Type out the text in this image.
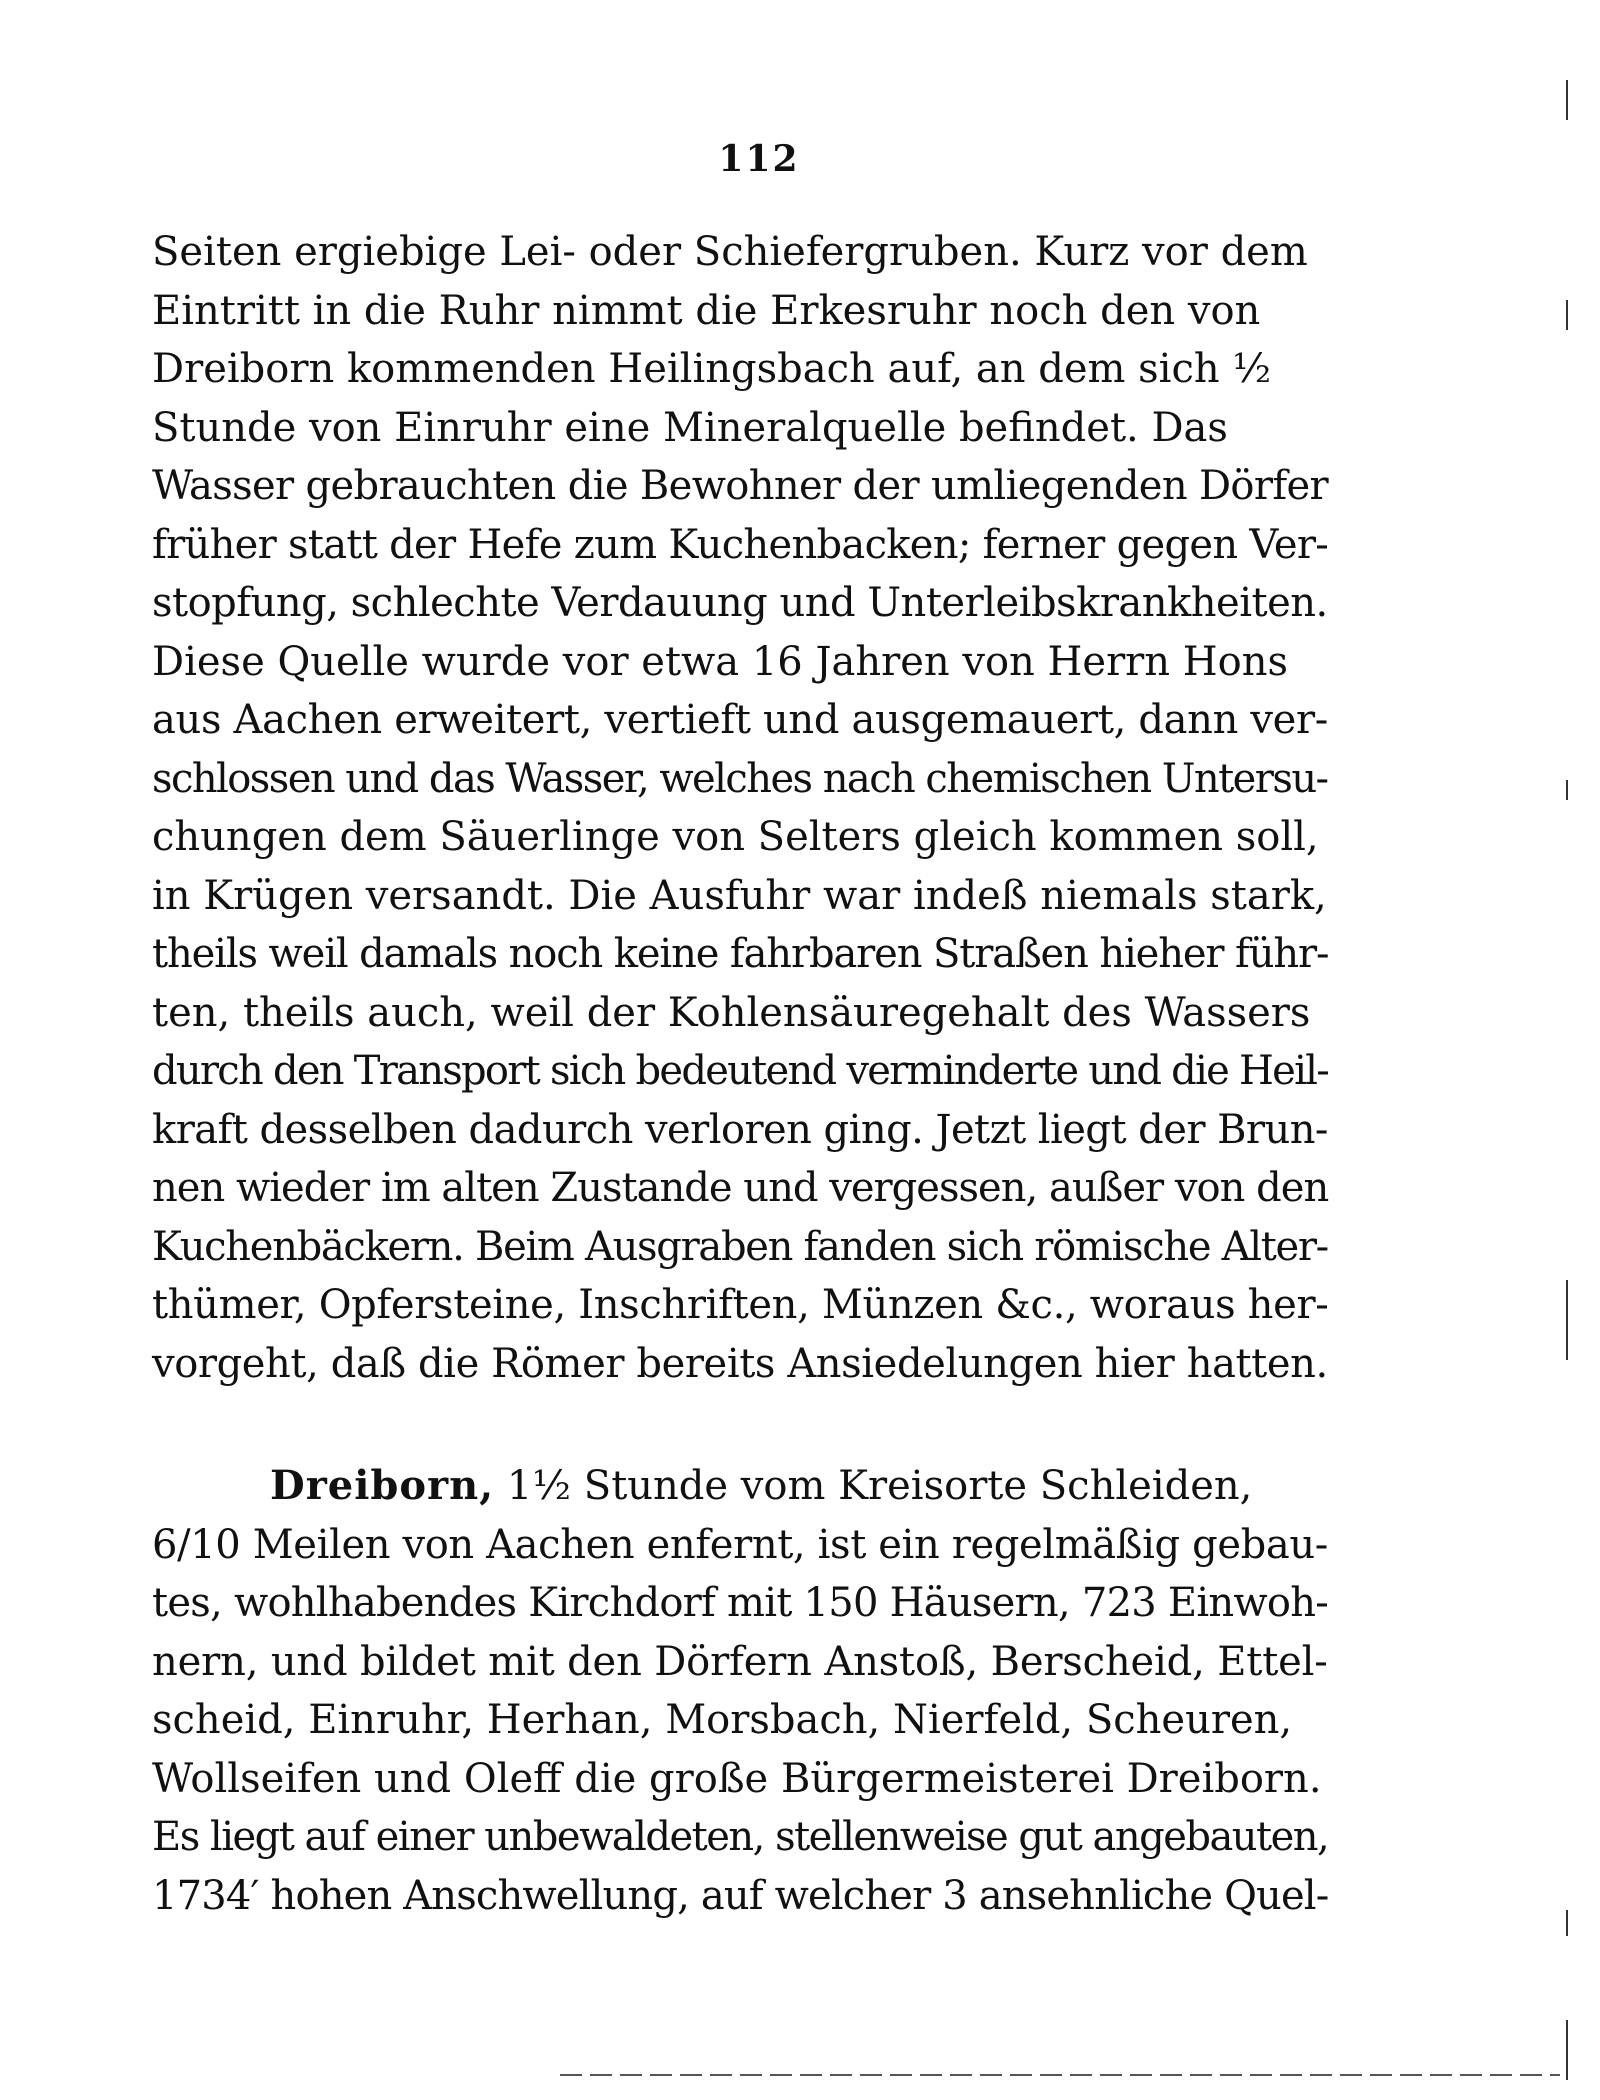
112
Seiten ergiebige Lei- oder Schiefergruben. Kurz vor dem
Eintritt in die Ruhr nimmt die Erkesruhr noch den von
Dreiborn kommenden Heilingsbach auf, an dem sich ½
Stunde von Einruhr eine Mineralquelle befindet. Das
Wasser gebrauchten die Bewohner der umliegenden Dörfer
früher statt der Hefe zum Kuchenbacken; ferner gegen Ver-
stopfung, schlechte Verdauung und Unterleibskrankheiten.
Diese Quelle wurde vor etwa 16 Jahren von Herrn Hons
aus Aachen erweitert, vertieft und ausgemauert, dann ver-
schlossen und das Wasser, welches nach chemischen Untersu-
chungen dem Säuerlinge von Selters gleich kommen soll,
in Krügen versandt. Die Ausfuhr war indeß niemals stark,
theils weil damals noch keine fahrbaren Straßen hieher führ-
ten, theils auch, weil der Kohlensäuregehalt des Wassers
durch den Transport sich bedeutend verminderte und die Heil-
kraft desselben dadurch verloren ging. Jetzt liegt der Brun-
nen wieder im alten Zustande und vergessen, außer von den
Kuchenbäckern. Beim Ausgraben fanden sich römische Alter-
thümer, Opfersteine, Inschriften, Münzen &c., woraus her-
vorgeht, daß die Römer bereits Ansiedelungen hier hatten.
Dreiborn, 1½ Stunde vom Kreisorte Schleiden,
6/10 Meilen von Aachen enfernt, ist ein regelmäßig gebau-
tes, wohlhabendes Kirchdorf mit 150 Häusern, 723 Einwoh-
nern, und bildet mit den Dörfern Anstoß, Berscheid, Ettel-
scheid, Einruhr, Herhan, Morsbach, Nierfeld, Scheuren,
Wollseifen und Oleff die große Bürgermeisterei Dreiborn.
Es liegt auf einer unbewaldeten, stellenweise gut angebauten,
1734′ hohen Anschwellung, auf welcher 3 ansehnliche Quel-
